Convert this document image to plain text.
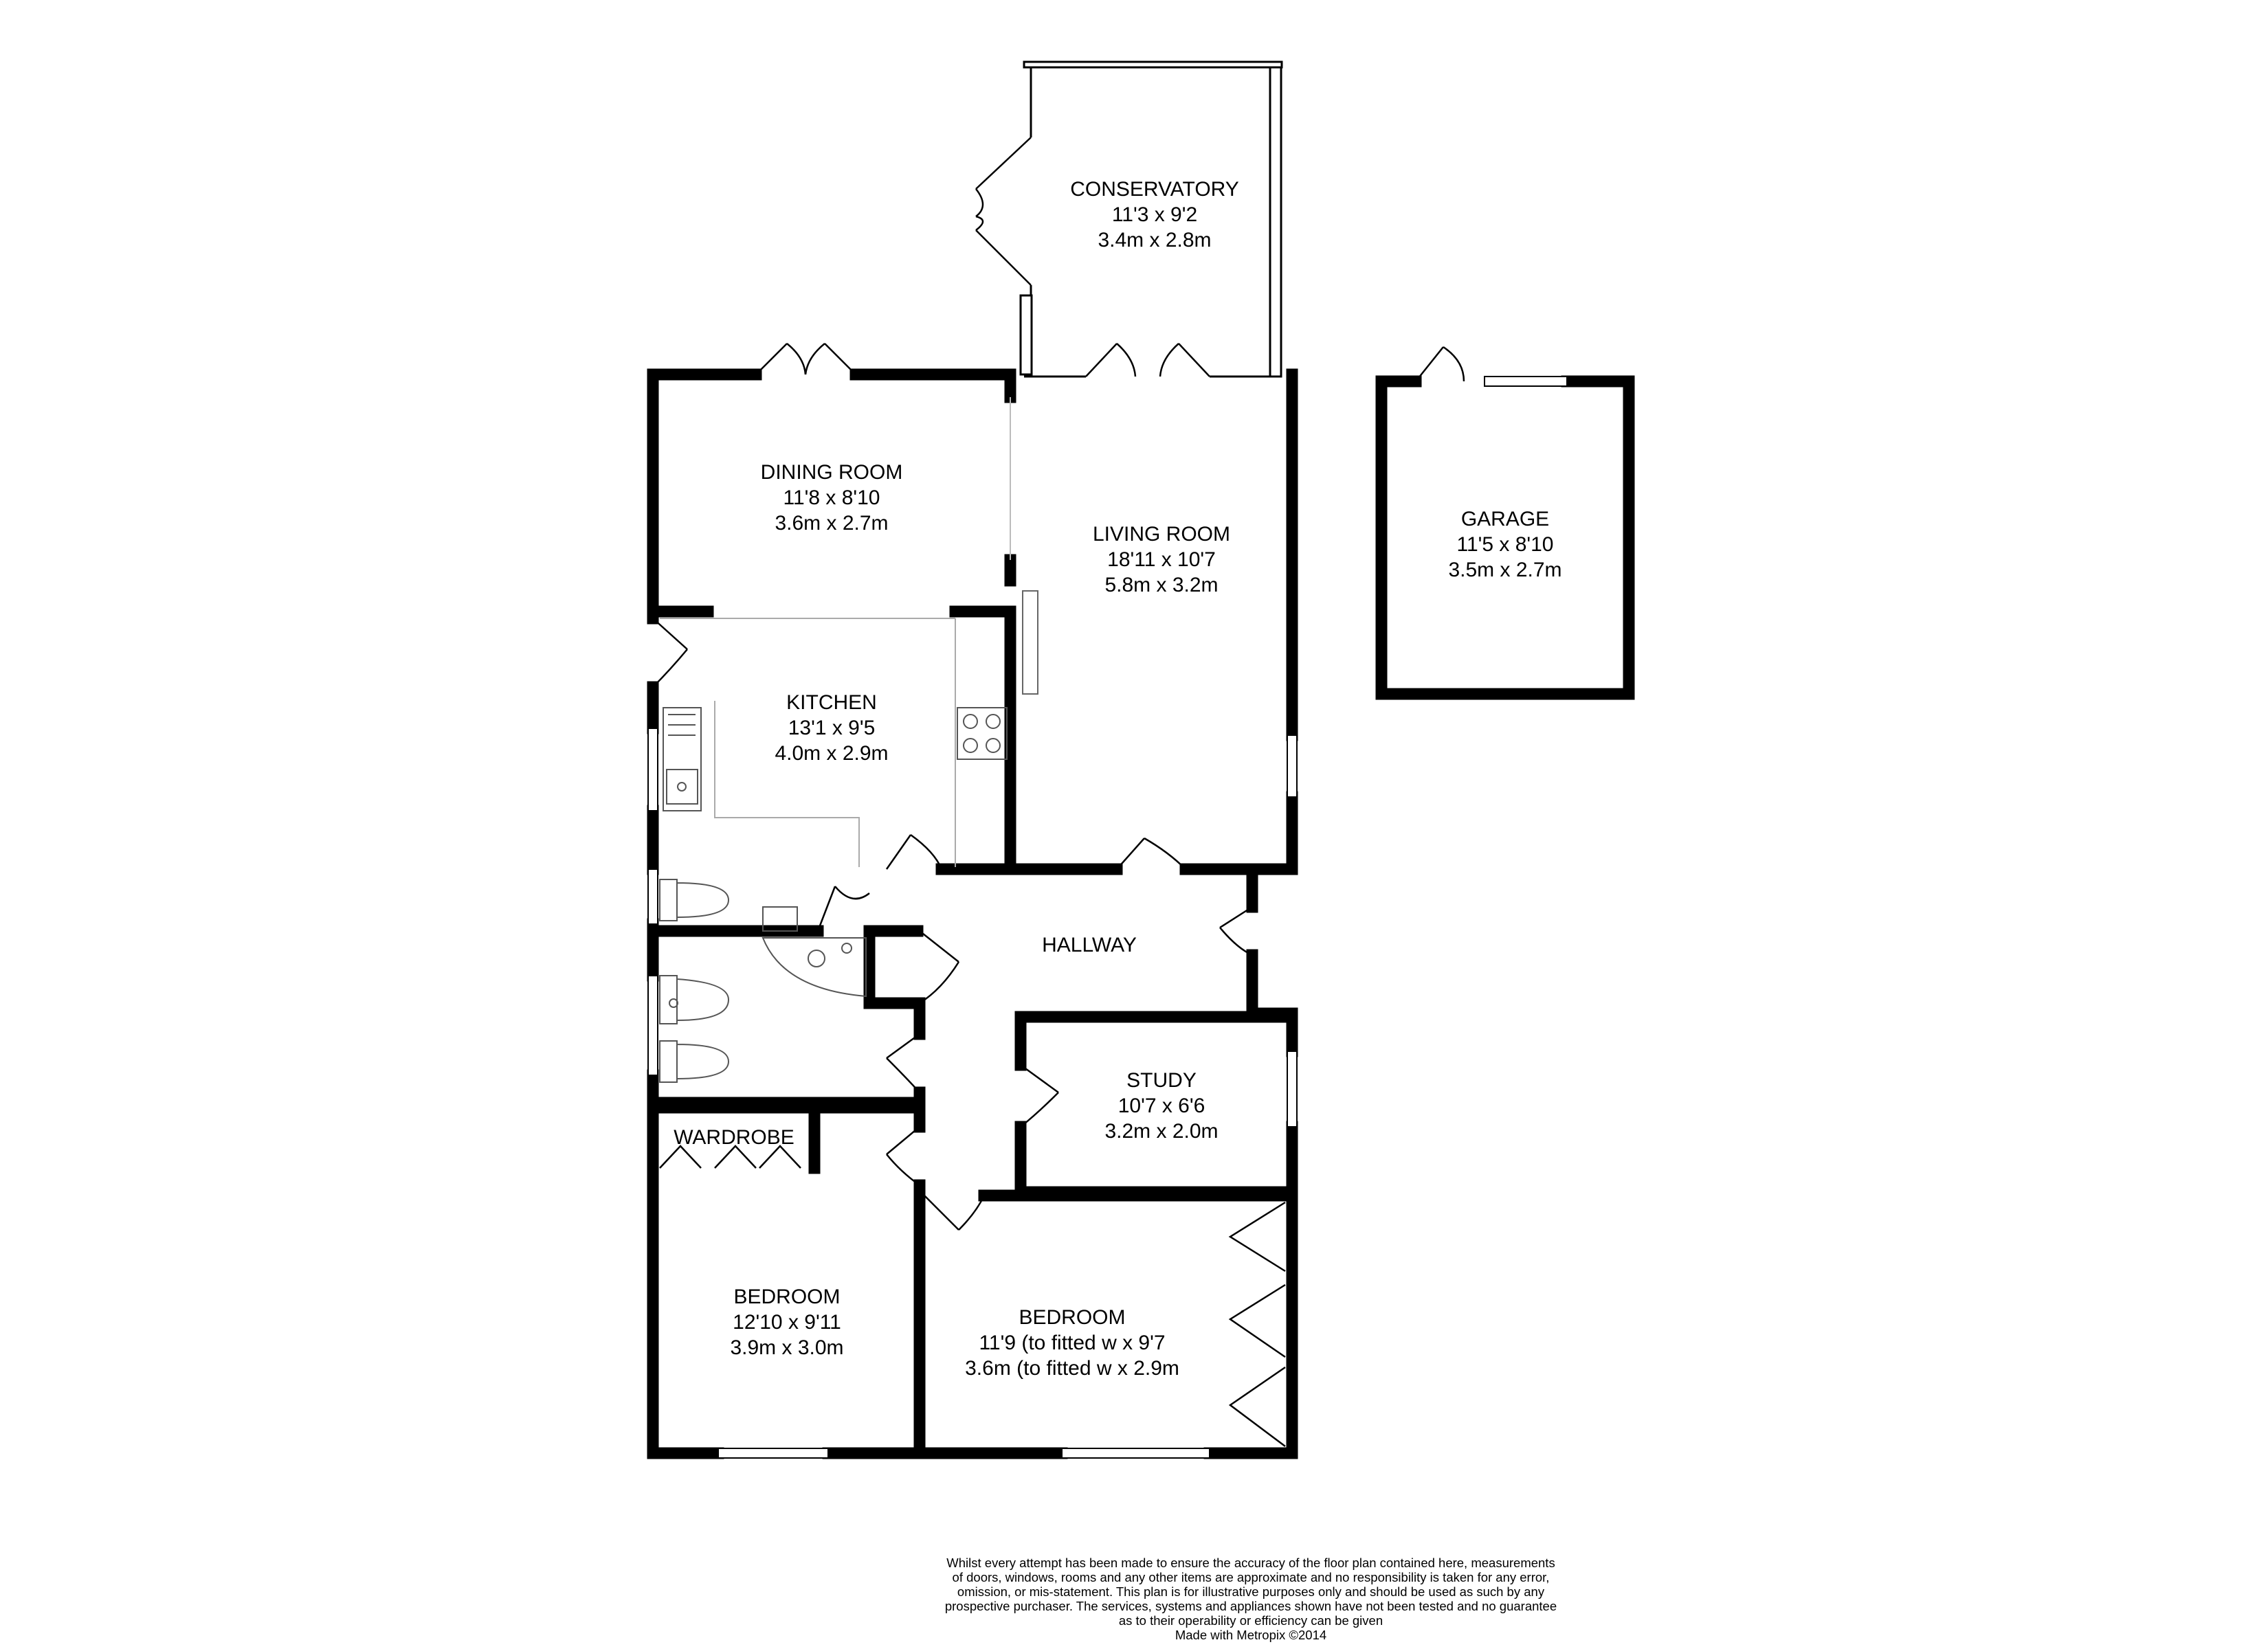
CONSERVATORY
11'3 x 9'2
3.4m x 2.8m
DINING ROOM
11'8 x 8'10
3.6m x 2.7m	LIVING ROOM
18'11 x 10'7
5.8m x 3.2m
GARAGE
11'5 x 8'10
3.5m x 2.7m
KITCHEN
13'1 x 9'5
4.0m x 2.9m
HALLWAY
STUDY
10'7 x 6'6
3.2m x 2.0m
WARDROBE
BEDROOM
12'10 x 9'11
3.9m x 3.0m
BEDROOM
11'9 (to fitted w x 9'7
3.6m (to fitted w x 2.9m
Whilst every attempt has been made to ensure the accuracy of the floor plan contained here, measurements
of doors, windows, rooms and any other items are approximate and no responsibility is taken for any error,
omission, or mis-statement. This plan is for illustrative purposes only and should be used as such by any
prospective purchaser. The services, systems and appliances shown have not been tested and no guarantee
as to their operability or efficiency can be given
Made with Metropix ©2014
